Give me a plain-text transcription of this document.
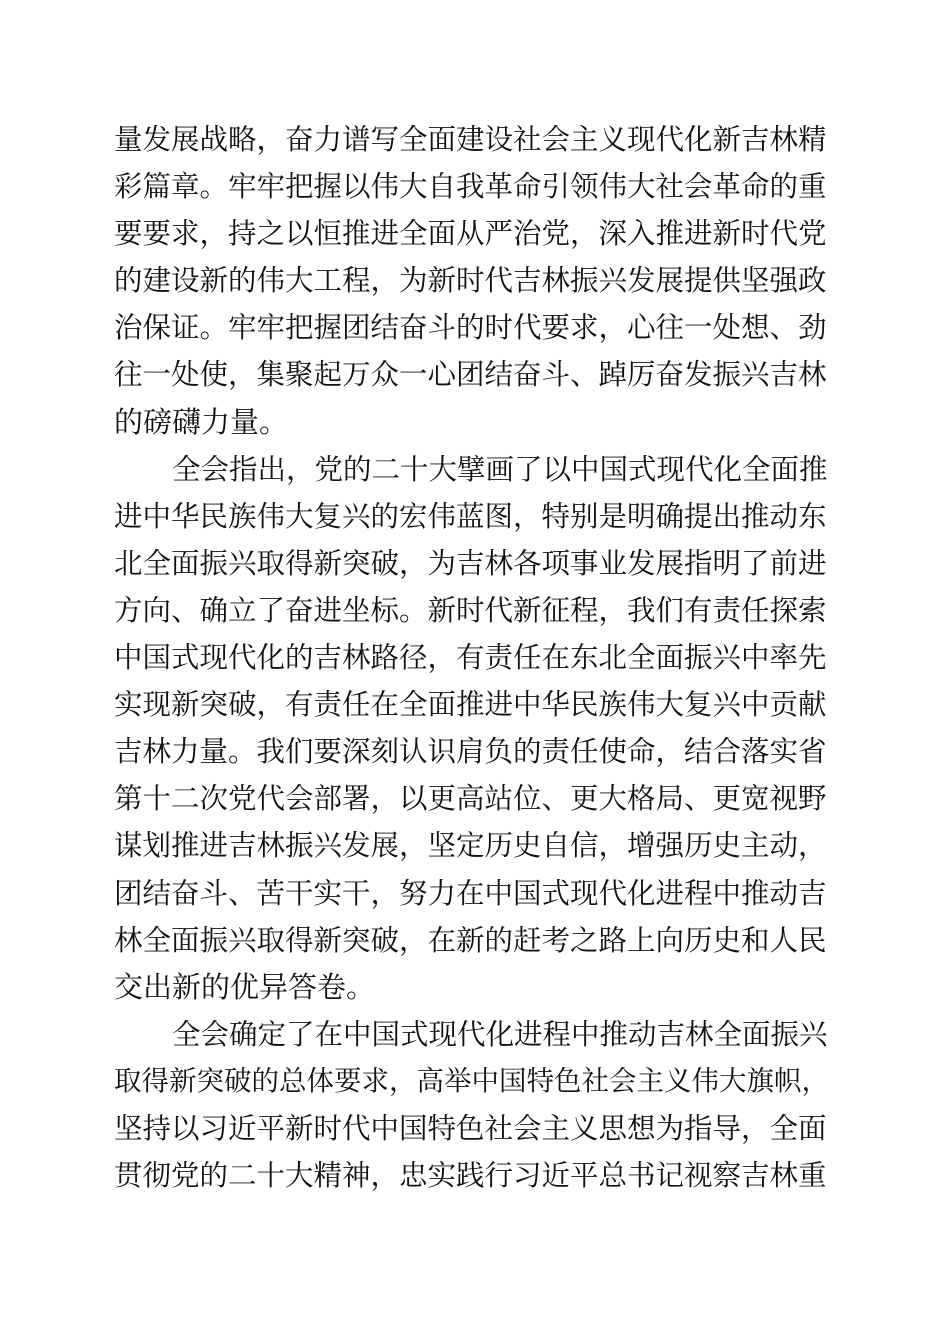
量发展战略，奋力谱写全面建设社会主义现代化新吉林精
彩篇章。牢牢把握以伟大自我革命引领伟大社会革命的重
要要求，持之以恒推进全面从严治党，深入推进新时代党
的建设新的伟大工程，为新时代吉林振兴发展提供坚强政
治保证。牢牢把握团结奋斗的时代要求，心往一处想、劲
往一处使，集聚起万众一心团结奋斗、踔厉奋发振兴吉林
的磅礴力量。
全会指出，党的二十大擘画了以中国式现代化全面推
进中华民族伟大复兴的宏伟蓝图，特别是明确提出推动东
北全面振兴取得新突破，为吉林各项事业发展指明了前进
方向、确立了奋进坐标。新时代新征程，我们有责任探索
中国式现代化的吉林路径，有责任在东北全面振兴中率先
实现新突破，有责任在全面推进中华民族伟大复兴中贡献
吉林力量。我们要深刻认识肩负的责任使命，结合落实省
第十二次党代会部署，以更高站位、更大格局、更宽视野
谋划推进吉林振兴发展，坚定历史自信，增强历史主动，
团结奋斗、苦干实干，努力在中国式现代化进程中推动吉
林全面振兴取得新突破，在新的赶考之路上向历史和人民
交出新的优异答卷。
全会确定了在中国式现代化进程中推动吉林全面振兴
取得新突破的总体要求，高举中国特色社会主义伟大旗帜，
坚持以习近平新时代中国特色社会主义思想为指导，全面
贯彻党的二十大精神，忠实践行习近平总书记视察吉林重
